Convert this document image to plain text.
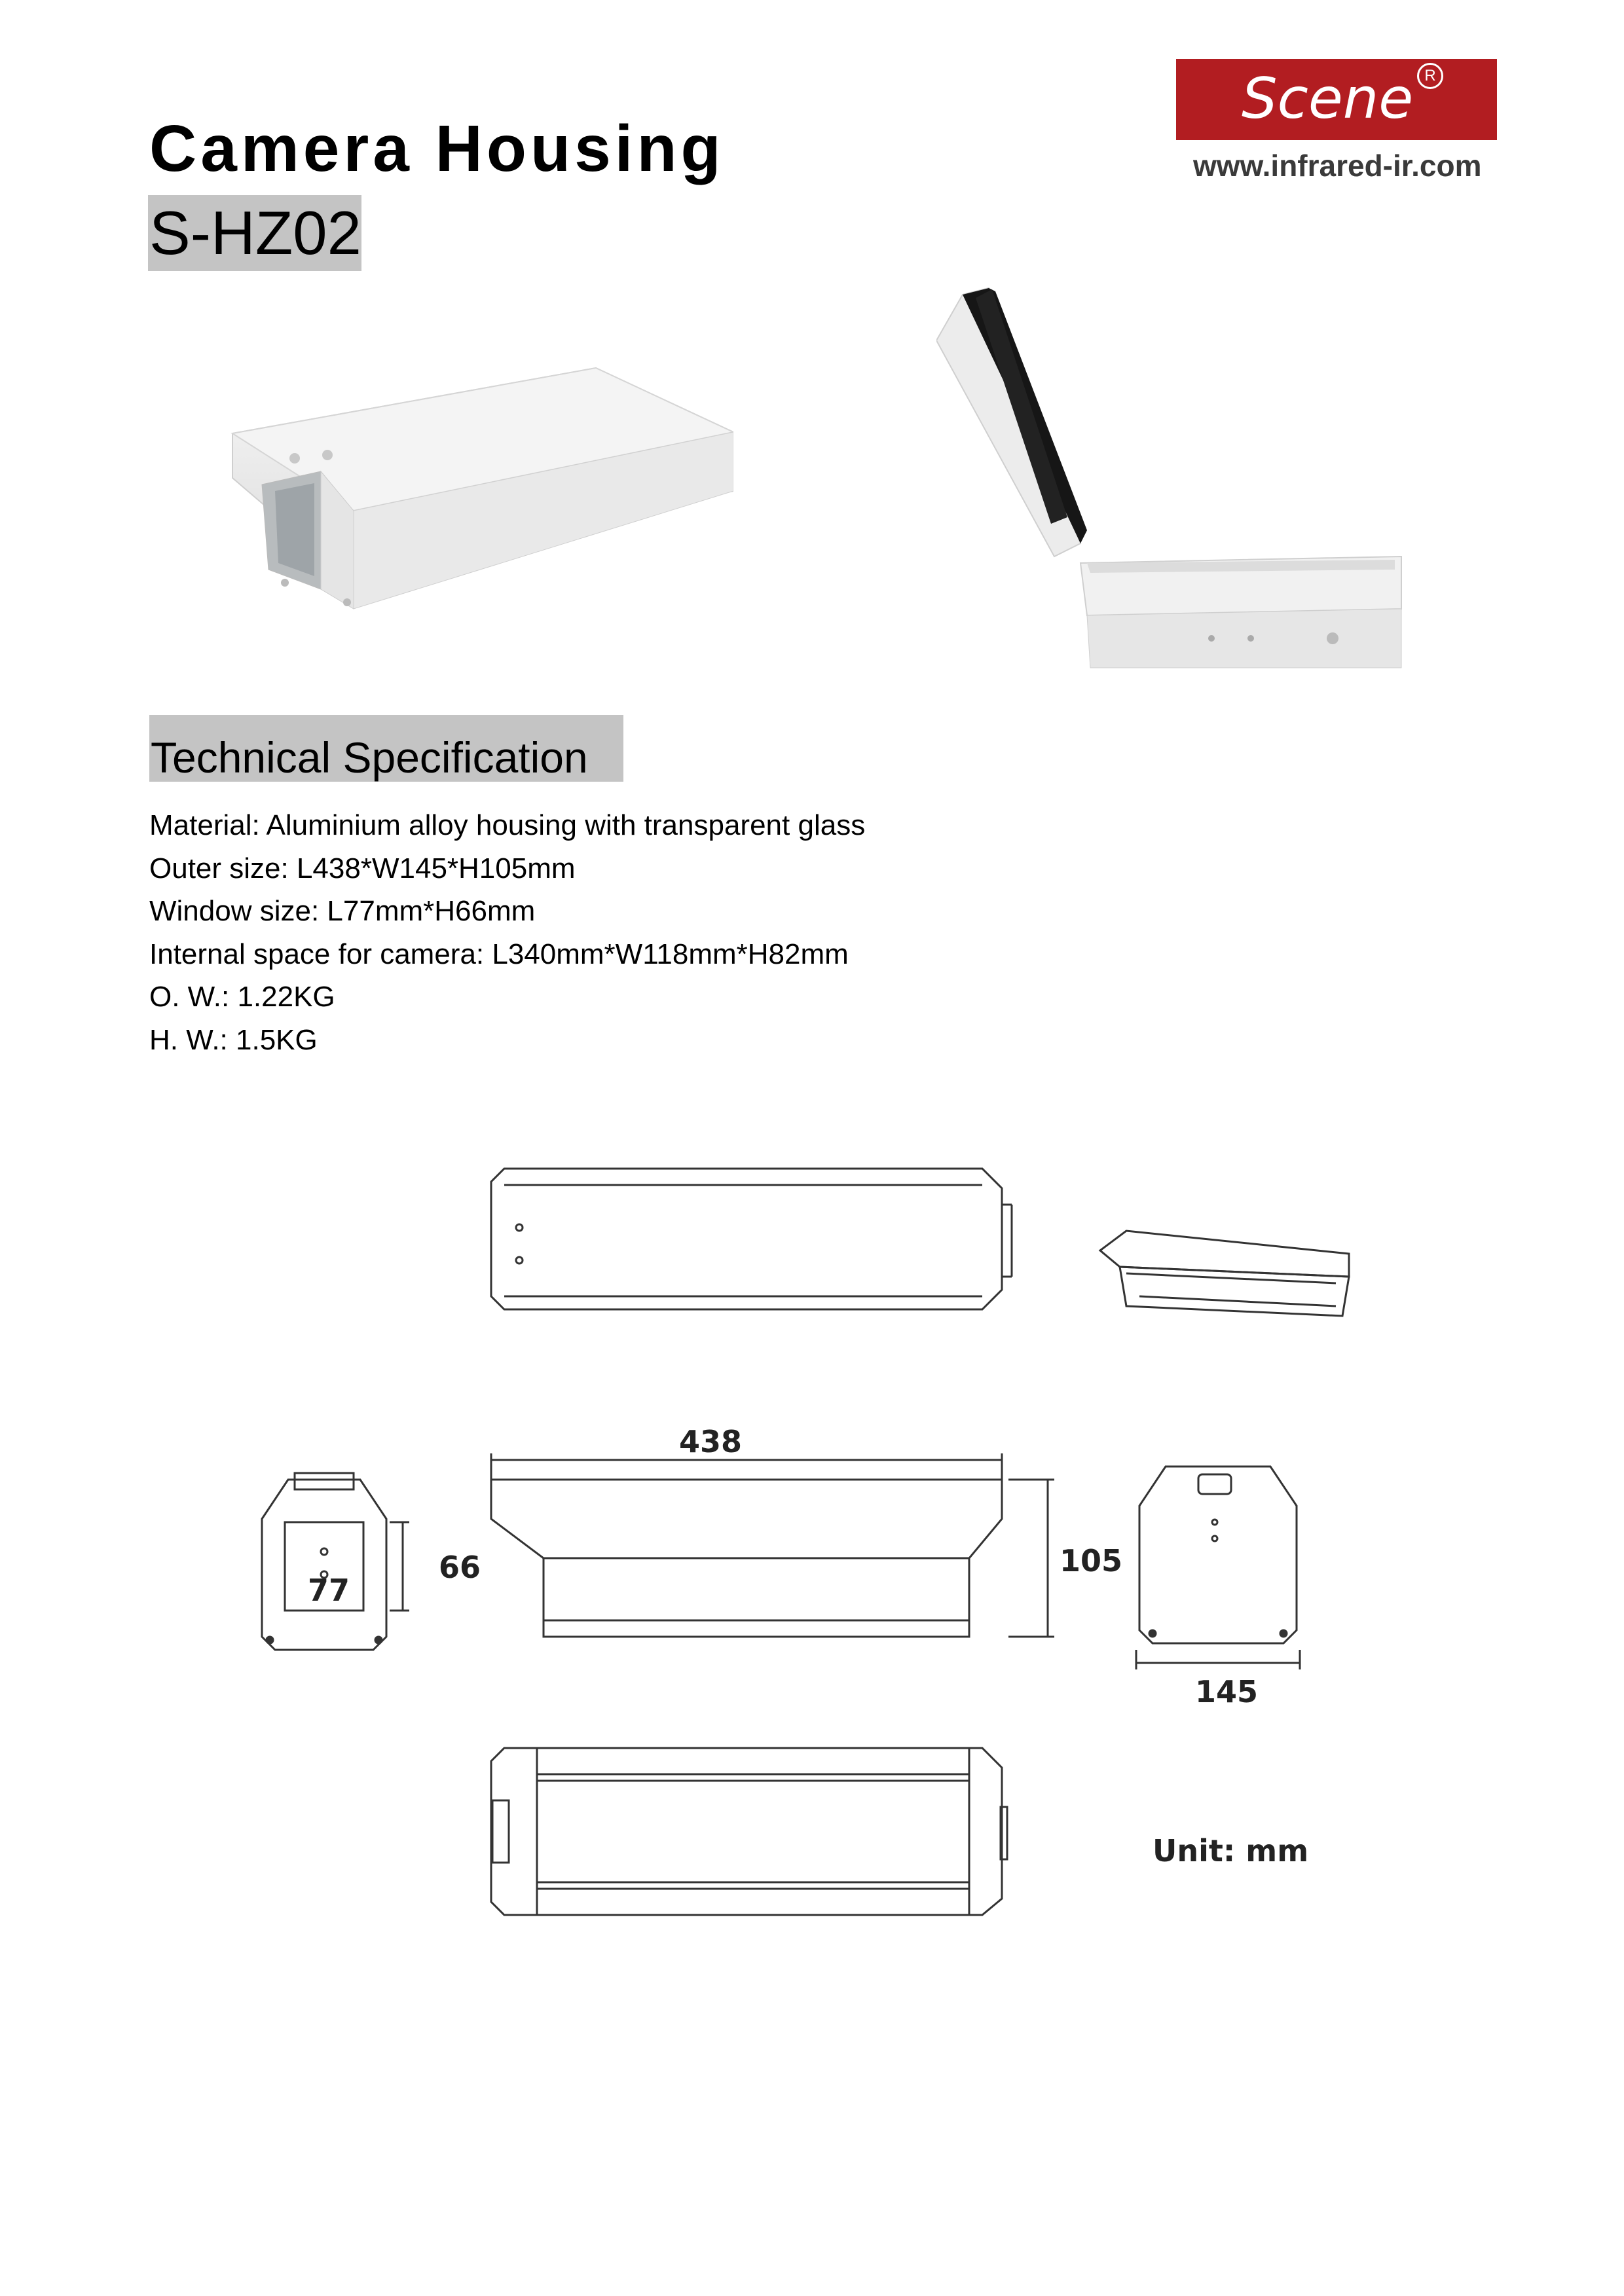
Camera Housing
S-HZ02
Scene R
www.infrared-ir.com
Technical Specification
Material: Aluminium alloy housing with transparent glass
Outer size: L438*W145*H105mm
Window size: L77mm*H66mm
Internal space for camera: L340mm*W118mm*H82mm
O. W.: 1.22KG
H. W.: 1.5KG
66
77
438
105
145
Unit: mm
